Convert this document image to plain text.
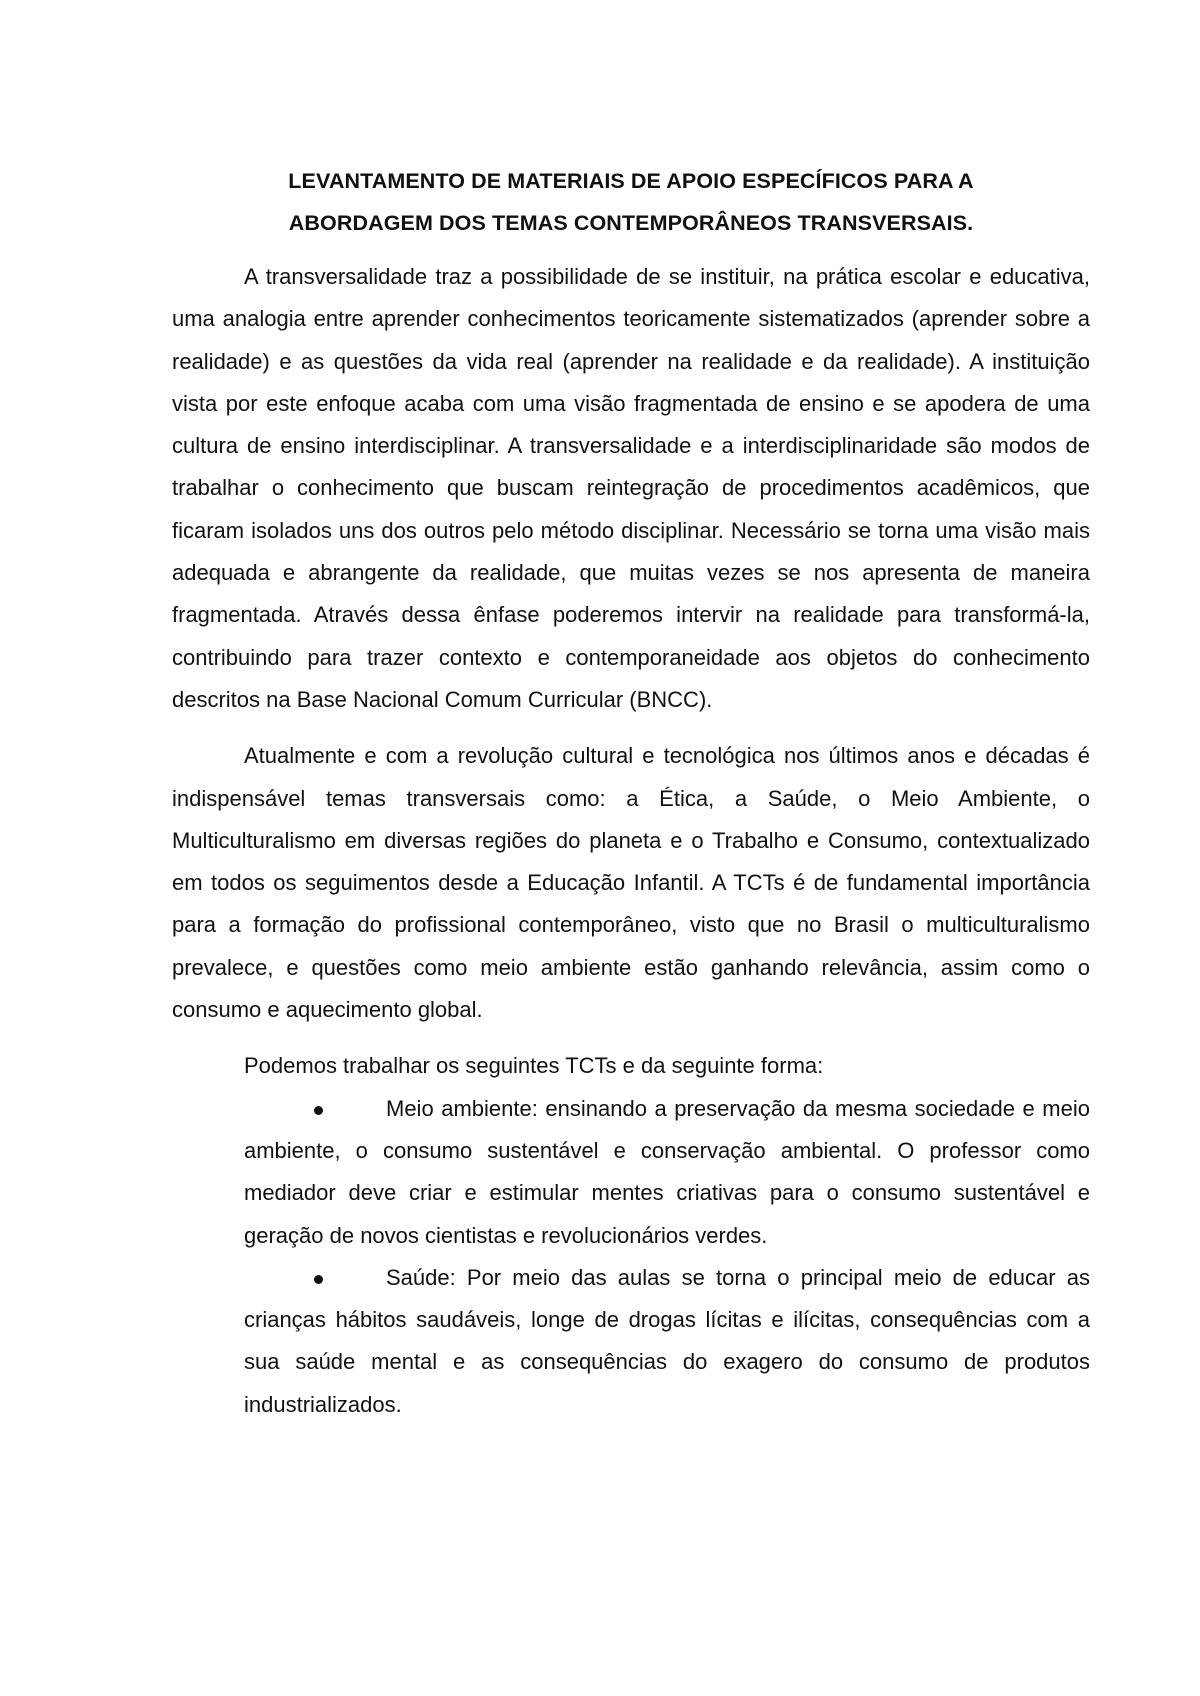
LEVANTAMENTO DE MATERIAIS DE APOIO ESPECÍFICOS PARA A
ABORDAGEM DOS TEMAS CONTEMPORÂNEOS TRANSVERSAIS.

A transversalidade traz a possibilidade de se instituir, na prática escolar e educativa, uma analogia entre aprender conhecimentos teoricamente sistematizados (aprender sobre a realidade) e as questões da vida real (aprender na realidade e da realidade). A instituição vista por este enfoque acaba com uma visão fragmentada de ensino e se apodera de uma cultura de ensino interdisciplinar. A transversalidade e a interdisciplinaridade são modos de trabalhar o conhecimento que buscam reintegração de procedimentos acadêmicos, que ficaram isolados uns dos outros pelo método disciplinar. Necessário se torna uma visão mais adequada e abrangente da realidade, que muitas vezes se nos apresenta de maneira fragmentada. Através dessa ênfase poderemos intervir na realidade para transformá-la, contribuindo para trazer contexto e contemporaneidade aos objetos do conhecimento descritos na Base Nacional Comum Curricular (BNCC).

Atualmente e com a revolução cultural e tecnológica nos últimos anos e décadas é indispensável temas transversais como: a Ética, a Saúde, o Meio Ambiente, o Multiculturalismo em diversas regiões do planeta e o Trabalho e Consumo, contextualizado em todos os seguimentos desde a Educação Infantil. A TCTs é de fundamental importância para a formação do profissional contemporâneo, visto que no Brasil o multiculturalismo prevalece, e questões como meio ambiente estão ganhando relevância, assim como o consumo e aquecimento global.

Podemos trabalhar os seguintes TCTs e da seguinte forma:

Meio ambiente: ensinando a preservação da mesma sociedade e meio ambiente, o consumo sustentável e conservação ambiental. O professor como mediador deve criar e estimular mentes criativas para o consumo sustentável e geração de novos cientistas e revolucionários verdes.
Saúde: Por meio das aulas se torna o principal meio de educar as crianças hábitos saudáveis, longe de drogas lícitas e ilícitas, consequências com a sua saúde mental e as consequências do exagero do consumo de produtos industrializados.
